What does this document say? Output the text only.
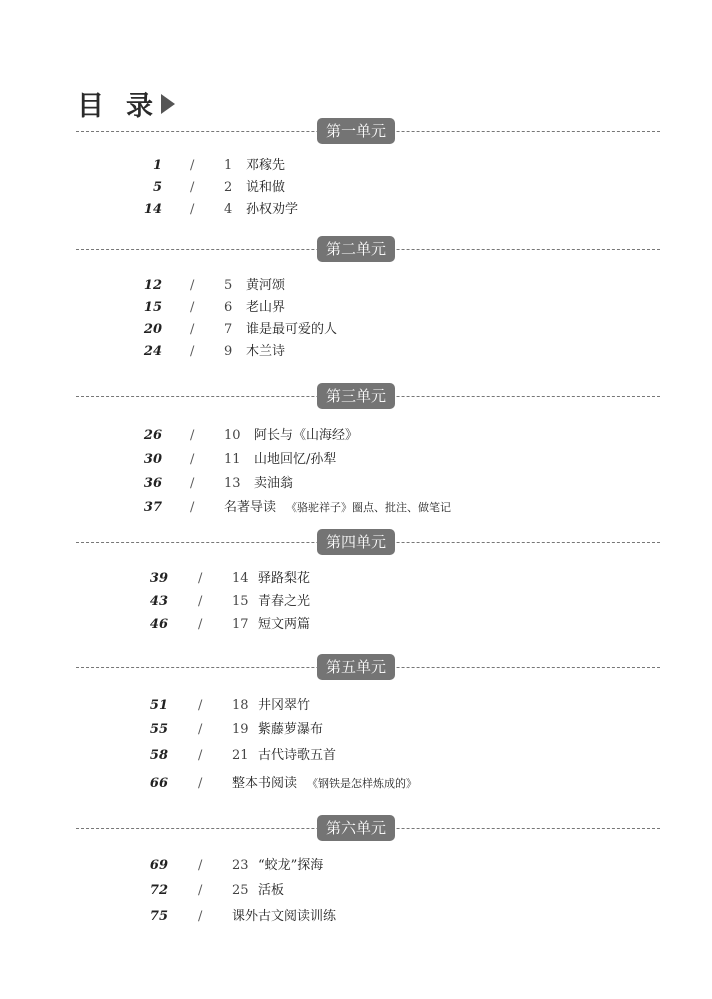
目 录
第一单元
1 / 1 邓稼先
5 / 2 说和做
14 / 4 孙权劝学
第二单元
12 / 5 黄河颂
15 / 6 老山界
20 / 7 谁是最可爱的人
24 / 9 木兰诗
第三单元
26 / 10 阿长与《山海经》
30 / 11 山地回忆/孙犁
36 / 13 卖油翁
37 / 名著导读 《骆驼祥子》圈点、批注、做笔记
第四单元
39 / 14 驿路梨花
43 / 15 青春之光
46 / 17 短文两篇
第五单元
51 / 18 井冈翠竹
55 / 19 紫藤萝瀑布
58 / 21 古代诗歌五首
66 / 整本书阅读 《钢铁是怎样炼成的》
第六单元
69 / 23 “蛟龙”探海
72 / 25 活板
75 / 课外古文阅读训练
